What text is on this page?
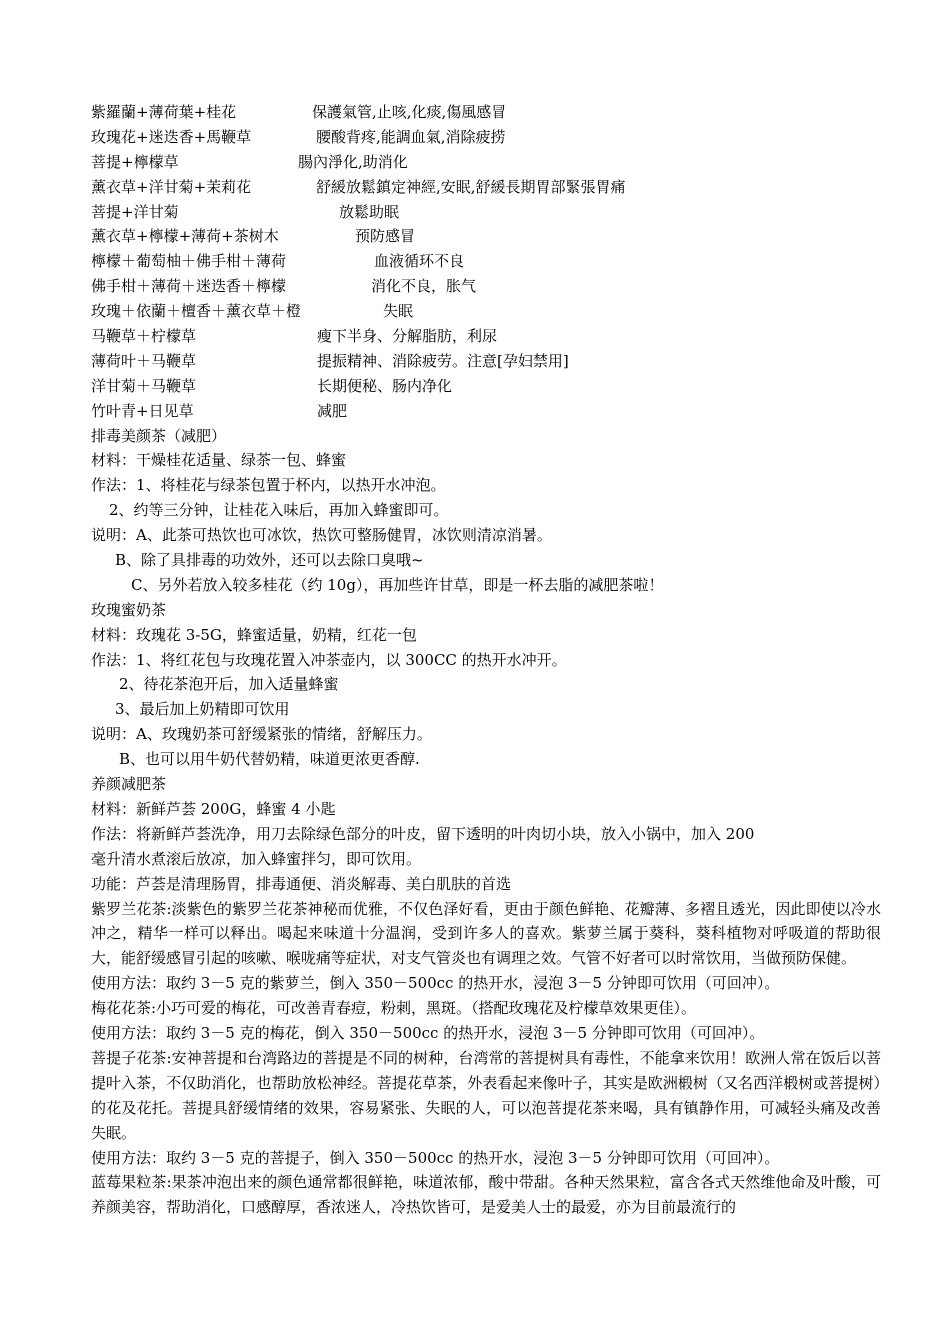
紫羅蘭+薄荷葉+桂花	保護氣管,止咳,化痰,傷風感冒
玫瑰花+迷迭香+馬鞭草	腰酸背疼,能調血氣,消除疲捞
菩提+檸檬草	腸內淨化,助消化
薰衣草+洋甘菊+茉莉花	舒緩放鬆鎮定神經,安眠,舒緩長期胃部緊張胃痛
菩提+洋甘菊	放鬆助眠
薰衣草+檸檬+薄荷+茶树木	预防感冒
檸檬＋葡萄柚＋佛手柑＋薄荷	血液循环不良
佛手柑＋薄荷＋迷迭香＋檸檬	消化不良，胀气
玫瑰＋依蘭＋檀香＋薰衣草＋橙	失眠
马鞭草＋柠檬草	瘦下半身、分解脂肪，利尿
薄荷叶＋马鞭草	提振精神、消除疲劳。注意[孕妇禁用]
洋甘菊＋马鞭草	长期便秘、肠内净化
竹叶青+日见草	减肥
排毒美颜茶（减肥）
材料：干燥桂花适量、绿茶一包、蜂蜜
作法：1、将桂花与绿茶包置于杯内，以热开水冲泡。
2、约等三分钟，让桂花入味后，再加入蜂蜜即可。
说明：A、此茶可热饮也可冰饮，热饮可整肠健胃，冰饮则清凉消暑。
B、除了具排毒的功效外，还可以去除口臭哦~
C、另外若放入较多桂花（约 10g），再加些许甘草，即是一杯去脂的减肥茶啦！
玫瑰蜜奶茶
材料：玫瑰花 3-5G，蜂蜜适量，奶精，红花一包
作法：1、将红花包与玫瑰花置入冲茶壶内，以 300CC 的热开水冲开。
2、待花茶泡开后，加入适量蜂蜜
3、最后加上奶精即可饮用
说明：A、玫瑰奶茶可舒缓紧张的情绪，舒解压力。
B、也可以用牛奶代替奶精，味道更浓更香醇.
养颜减肥茶
材料：新鲜芦荟 200G，蜂蜜 4 小匙
作法：将新鲜芦荟洗净，用刀去除绿色部分的叶皮，留下透明的叶肉切小块，放入小锅中，加入 200
毫升清水煮滚后放凉，加入蜂蜜拌匀，即可饮用。
功能：芦荟是清理肠胃，排毒通便、消炎解毒、美白肌肤的首选
紫罗兰花茶:淡紫色的紫罗兰花茶神秘而优雅，不仅色泽好看，更由于颜色鲜艳、花瓣薄、多褶且透光，因此即使以冷水冲之，精华一样可以释出。喝起来味道十分温润，受到许多人的喜欢。紫萝兰属于葵科，葵科植物对呼吸道的帮助很大，能舒缓感冒引起的咳嗽、喉咙痛等症状，对支气管炎也有调理之效。气管不好者可以时常饮用，当做预防保健。
使用方法：取约 3－5 克的紫萝兰，倒入 350－500cc 的热开水，浸泡 3－5 分钟即可饮用（可回冲）。
梅花花茶:小巧可爱的梅花，可改善青春痘，粉刺，黑斑。（搭配玫瑰花及柠檬草效果更佳）。
使用方法：取约 3－5 克的梅花，倒入 350－500cc 的热开水，浸泡 3－5 分钟即可饮用（可回冲）。
菩提子花茶:安神菩提和台湾路边的菩提是不同的树种，台湾常的菩提树具有毒性，不能拿来饮用！欧洲人常在饭后以菩提叶入茶，不仅助消化，也帮助放松神经。菩提花草茶，外表看起来像叶子，其实是欧洲椴树（又名西洋椴树或菩提树）的花及花托。菩提具舒缓情绪的效果，容易紧张、失眠的人，可以泡菩提花茶来喝，具有镇静作用，可减轻头痛及改善失眠。
使用方法：取约 3－5 克的菩提子，倒入 350－500cc 的热开水，浸泡 3－5 分钟即可饮用（可回冲）。
蓝莓果粒茶:果茶冲泡出来的颜色通常都很鲜艳，味道浓郁，酸中带甜。各种天然果粒，富含各式天然维他命及叶酸，可养颜美容，帮助消化，口感醇厚，香浓迷人，冷热饮皆可，是爱美人士的最爱，亦为目前最流行的
